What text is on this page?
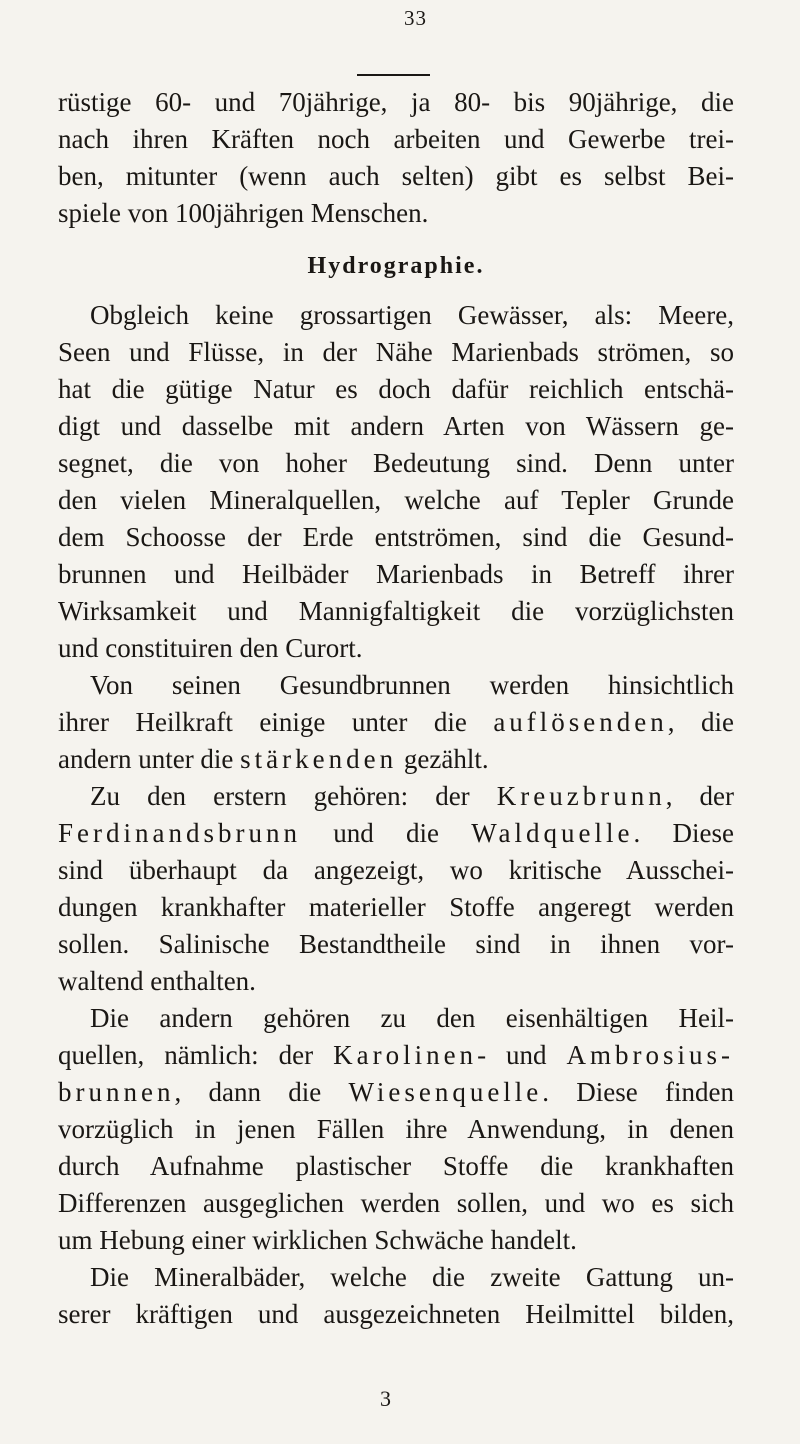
33
rüstige 60- und 70jährige, ja 80- bis 90jährige, die
nach ihren Kräften noch arbeiten und Gewerbe trei-
ben, mitunter (wenn auch selten) gibt es selbst Bei-
spiele von 100jährigen Menschen.
Hydrographie.
Obgleich keine grossartigen Gewässer, als: Meere,
Seen und Flüsse, in der Nähe Marienbads strömen, so
hat die gütige Natur es doch dafür reichlich entschä-
digt und dasselbe mit andern Arten von Wässern ge-
segnet, die von hoher Bedeutung sind. Denn unter
den vielen Mineralquellen, welche auf Tepler Grunde
dem Schoosse der Erde entströmen, sind die Gesund-
brunnen und Heilbäder Marienbads in Betreff ihrer
Wirksamkeit und Mannigfaltigkeit die vorzüglichsten
und constituiren den Curort.
Von seinen Gesundbrunnen werden hinsichtlich
ihrer Heilkraft einige unter die auflösenden, die
andern unter die stärkenden gezählt.
Zu den erstern gehören: der Kreuzbrunn, der
Ferdinandsbrunn und die Waldquelle. Diese
sind überhaupt da angezeigt, wo kritische Ausschei-
dungen krankhafter materieller Stoffe angeregt werden
sollen. Salinische Bestandtheile sind in ihnen vor-
waltend enthalten.
Die andern gehören zu den eisenhältigen Heil-
quellen, nämlich: der Karolinen- und Ambrosius-
brunnen, dann die Wiesenquelle. Diese finden
vorzüglich in jenen Fällen ihre Anwendung, in denen
durch Aufnahme plastischer Stoffe die krankhaften
Differenzen ausgeglichen werden sollen, und wo es sich
um Hebung einer wirklichen Schwäche handelt.
Die Mineralbäder, welche die zweite Gattung un-
serer kräftigen und ausgezeichneten Heilmittel bilden,
3
